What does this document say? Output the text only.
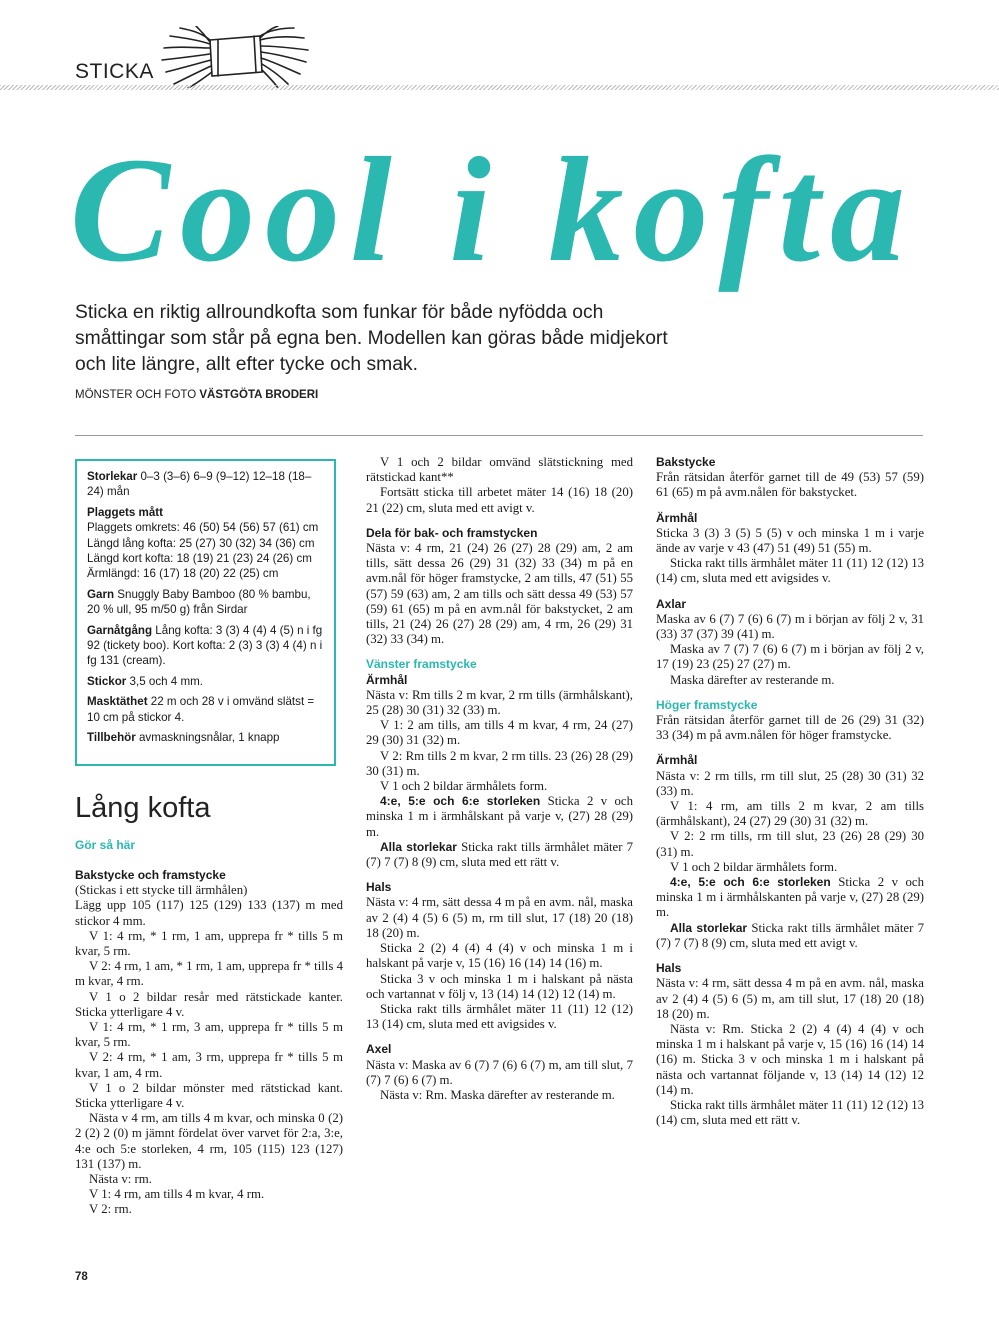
STICKA
Cool i kofta
Sticka en riktig allroundkofta som funkar för både nyfödda och småttingar som står på egna ben. Modellen kan göras både midjekort och lite längre, allt efter tycke och smak.
MÖNSTER OCH FOTO VÄSTGÖTA BRODERI

Storlekar 0–3 (3–6) 6–9 (9–12) 12–18 (18–24) mån

Plaggets mått
Plaggets omkrets: 46 (50) 54 (56) 57 (61) cm
Längd lång kofta: 25 (27) 30 (32) 34 (36) cm
Längd kort kofta: 18 (19) 21 (23) 24 (26) cm
Ärmlängd: 16 (17) 18 (20) 22 (25) cm

Garn Snuggly Baby Bamboo (80 % bambu, 20 % ull, 95 m/50 g) från Sirdar

Garnåtgång Lång kofta: 3 (3) 4 (4) 4 (5) n i fg 92 (tickety boo). Kort kofta: 2 (3) 3 (3) 4 (4) n i fg 131 (cream).

Stickor 3,5 och 4 mm.

Masktäthet 22 m och 28 v i omvänd slätst = 10 cm på stickor 4.

Tillbehör avmaskningsnålar, 1 knapp

Lång kofta
Gör så här

Bakstycke och framstycke

(Stickas i ett stycke till ärmhålen)

Lägg upp 105 (117) 125 (129) 133 (137) m med stickor 4 mm.

V 1: 4 rm, * 1 rm, 1 am, upprepa fr * tills 5 m kvar, 5 rm.

V 2: 4 rm, 1 am, * 1 rm, 1 am, upprepa fr * tills 4 m kvar, 4 rm.

V 1 o 2 bildar resår med rätstickade kanter. Sticka ytterligare 4 v.

V 1: 4 rm, * 1 rm, 3 am, upprepa fr * tills 5 m kvar, 5 rm.

V 2: 4 rm, * 1 am, 3 rm, upprepa fr * tills 5 m kvar, 1 am, 4 rm.

V 1 o 2 bildar mönster med rätstickad kant. Sticka ytterligare 4 v.

Nästa v 4 rm, am tills 4 m kvar, och minska 0 (2) 2 (2) 2 (0) m jämnt fördelat över varvet för 2:a, 3:e, 4:e och 5:e storleken, 4 rm, 105 (115) 123 (127) 131 (137) m.

Nästa v: rm.

V 1: 4 rm, am tills 4 m kvar, 4 rm.

V 2: rm.

V 1 och 2 bildar omvänd slätstickning med rätstickad kant**

Fortsätt sticka till arbetet mäter 14 (16) 18 (20) 21 (22) cm, sluta med ett avigt v.

Dela för bak- och framstycken

Nästa v: 4 rm, 21 (24) 26 (27) 28 (29) am, 2 am tills, sätt dessa 26 (29) 31 (32) 33 (34) m på en avm.nål för höger framstycke, 2 am tills, 47 (51) 55 (57) 59 (63) am, 2 am tills och sätt dessa 49 (53) 57 (59) 61 (65) m på en avm.nål för bakstycket, 2 am tills, 21 (24) 26 (27) 28 (29) am, 4 rm, 26 (29) 31 (32) 33 (34) m.

Vänster framstycke

Ärmhål

Nästa v: Rm tills 2 m kvar, 2 rm tills (ärmhålskant), 25 (28) 30 (31) 32 (33) m.

V 1: 2 am tills, am tills 4 m kvar, 4 rm, 24 (27) 29 (30) 31 (32) m.

V 2: Rm tills 2 m kvar, 2 rm tills. 23 (26) 28 (29) 30 (31) m.

V 1 och 2 bildar ärmhålets form.

4:e, 5:e och 6:e storleken Sticka 2 v och minska 1 m i ärmhålskant på varje v, (27) 28 (29) m.

Alla storlekar Sticka rakt tills ärmhålet mäter 7 (7) 7 (7) 8 (9) cm, sluta med ett rätt v.

Hals

Nästa v: 4 rm, sätt dessa 4 m på en avm. nål, maska av 2 (4) 4 (5) 6 (5) m, rm till slut, 17 (18) 20 (18) 18 (20) m.

Sticka 2 (2) 4 (4) 4 (4) v och minska 1 m i halskant på varje v, 15 (16) 16 (14) 14 (16) m.

Sticka 3 v och minska 1 m i halskant på nästa och vartannat v följ v, 13 (14) 14 (12) 12 (14) m.

Sticka rakt tills ärmhålet mäter 11 (11) 12 (12) 13 (14) cm, sluta med ett avigsides v.

Axel

Nästa v: Maska av 6 (7) 7 (6) 6 (7) m, am till slut, 7 (7) 7 (6) 6 (7) m.

Nästa v: Rm. Maska därefter av resterande m.

Bakstycke

Från rätsidan återför garnet till de 49 (53) 57 (59) 61 (65) m på avm.nålen för bakstycket.

Ärmhål

Sticka 3 (3) 3 (5) 5 (5) v och minska 1 m i varje ände av varje v 43 (47) 51 (49) 51 (55) m.

Sticka rakt tills ärmhålet mäter 11 (11) 12 (12) 13 (14) cm, sluta med ett avigsides v.

Axlar

Maska av 6 (7) 7 (6) 6 (7) m i början av följ 2 v, 31 (33) 37 (37) 39 (41) m.

Maska av 7 (7) 7 (6) 6 (7) m i början av följ 2 v, 17 (19) 23 (25) 27 (27) m.

Maska därefter av resterande m.

Höger framstycke

Från rätsidan återför garnet till de 26 (29) 31 (32) 33 (34) m på avm.nålen för höger framstycke.

Ärmhål

Nästa v: 2 rm tills, rm till slut, 25 (28) 30 (31) 32 (33) m.

V 1: 4 rm, am tills 2 m kvar, 2 am tills (ärmhålskant), 24 (27) 29 (30) 31 (32) m.

V 2: 2 rm tills, rm till slut, 23 (26) 28 (29) 30 (31) m.

V 1 och 2 bildar ärmhålets form.

4:e, 5:e och 6:e storleken Sticka 2 v och minska 1 m i ärmhålskanten på varje v, (27) 28 (29) m.

Alla storlekar Sticka rakt tills ärmhålet mäter 7 (7) 7 (7) 8 (9) cm, sluta med ett avigt v.

Hals

Nästa v: 4 rm, sätt dessa 4 m på en avm. nål, maska av 2 (4) 4 (5) 6 (5) m, am till slut, 17 (18) 20 (18) 18 (20) m.

Nästa v: Rm. Sticka 2 (2) 4 (4) 4 (4) v och minska 1 m i halskant på varje v, 15 (16) 16 (14) 14 (16) m. Sticka 3 v och minska 1 m i halskant på nästa och vartannat följande v, 13 (14) 14 (12) 12 (14) m.

Sticka rakt tills ärmhålet mäter 11 (11) 12 (12) 13 (14) cm, sluta med ett rätt v.

78
